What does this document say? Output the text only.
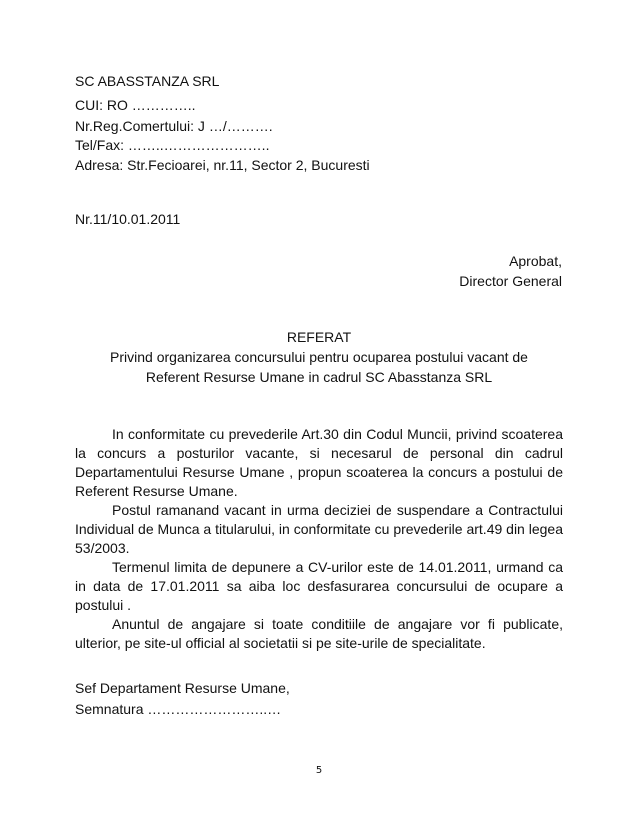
SC ABASSTANZA SRL
CUI: RO …………..
Nr.Reg.Comertului: J …/……….
Tel/Fax: ……..…………………..
Adresa: Str.Fecioarei, nr.11, Sector 2, Bucuresti
Nr.11/10.01.2011
Aprobat,
Director General
REFERAT
Privind organizarea concursului pentru ocuparea postului vacant de
Referent Resurse Umane in cadrul SC Abasstanza SRL

In conformitate cu prevederile Art.30 din Codul Muncii, privind scoaterea la concurs a posturilor vacante, si necesarul de personal din cadrul Departamentului Resurse Umane , propun scoaterea la concurs a postului de Referent Resurse Umane.

Postul ramanand vacant in urma deciziei de suspendare a Contractului Individual de Munca a titularului, in conformitate cu prevederile art.49 din legea 53/2003.

Termenul limita de depunere a CV-urilor este de 14.01.2011, urmand ca in data de 17.01.2011 sa aiba loc desfasurarea concursului de ocupare a postului .

Anuntul de angajare si toate conditiile de angajare vor fi publicate, ulterior, pe site-ul official al societatii si pe site-urile de specialitate.

Sef Departament Resurse Umane,
Semnatura ……………………..…
5
